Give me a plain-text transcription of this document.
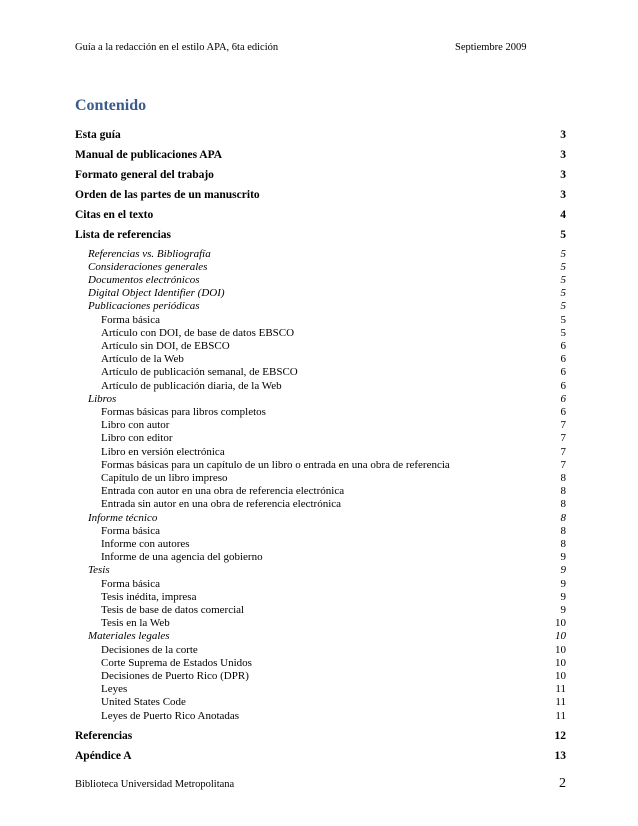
Guía a la redacción en el estilo APA, 6ta edición	Septiembre 2009
Contenido
Esta guía	3
Manual de publicaciones APA	3
Formato general del trabajo	3
Orden de las partes de un manuscrito	3
Citas en el texto	4
Lista de referencias	5
Referencias vs. Bibliografía	5
Consideraciones generales	5
Documentos electrónicos	5
Digital Object Identifier (DOI)	5
Publicaciones periódicas	5
Forma básica	5
Artículo con DOI, de base de datos EBSCO	5
Artículo sin DOI, de EBSCO	6
Artículo de la Web	6
Artículo de publicación semanal, de EBSCO	6
Artículo de publicación diaria, de la Web	6
Libros	6
Formas básicas para libros completos	6
Libro con autor	7
Libro con editor	7
Libro en versión electrónica	7
Formas básicas para un capítulo de un libro o entrada en una obra de referencia	7
Capítulo de un libro impreso	8
Entrada con autor en una obra de referencia electrónica	8
Entrada sin autor en una obra de referencia electrónica	8
Informe técnico	8
Forma básica	8
Informe con autores	8
Informe de una agencia del gobierno	9
Tesis	9
Forma básica	9
Tesis inédita, impresa	9
Tesis de base de datos comercial	9
Tesis en la Web	10
Materiales legales	10
Decisiones de la corte	10
Corte Suprema de Estados Unidos	10
Decisiones de Puerto Rico (DPR)	10
Leyes	11
United States Code	11
Leyes de Puerto Rico Anotadas	11
Referencias	12
Apéndice A	13
Biblioteca Universidad Metropolitana	2
